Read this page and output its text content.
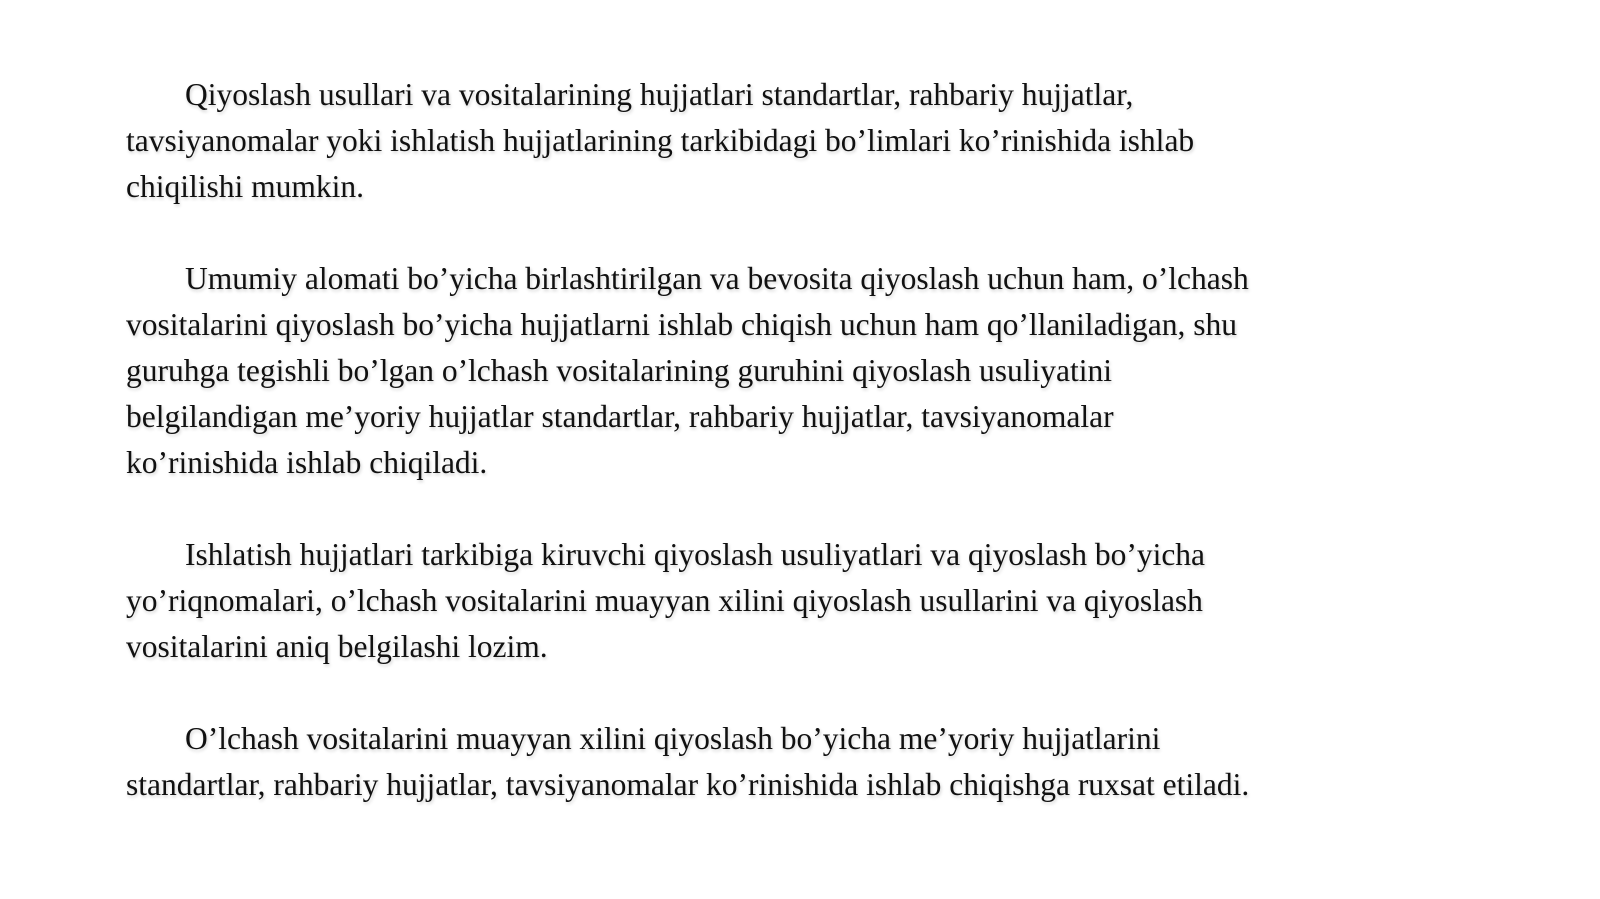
Qiyoslash usullari va vositalarining hujjatlari standartlar, rahbariy hujjatlar,
tavsiyanomalar yoki ishlatish hujjatlarining tarkibidagi bo’limlari ko’rinishida ishlab
chiqilishi mumkin.

Umumiy alomati bo’yicha birlashtirilgan va bevosita qiyoslash uchun ham, o’lchash
vositalarini qiyoslash bo’yicha hujjatlarni ishlab chiqish uchun ham qo’llaniladigan, shu
guruhga tegishli bo’lgan o’lchash vositalarining guruhini qiyoslash usuliyatini
belgilandigan me’yoriy hujjatlar standartlar, rahbariy hujjatlar, tavsiyanomalar
ko’rinishida ishlab chiqiladi.

Ishlatish hujjatlari tarkibiga kiruvchi qiyoslash usuliyatlari va qiyoslash bo’yicha
yo’riqnomalari, o’lchash vositalarini muayyan xilini qiyoslash usullarini va qiyoslash
vositalarini aniq belgilashi lozim.

O’lchash vositalarini muayyan xilini qiyoslash bo’yicha me’yoriy hujjatlarini
standartlar, rahbariy hujjatlar, tavsiyanomalar ko’rinishida ishlab chiqishga ruxsat etiladi.
